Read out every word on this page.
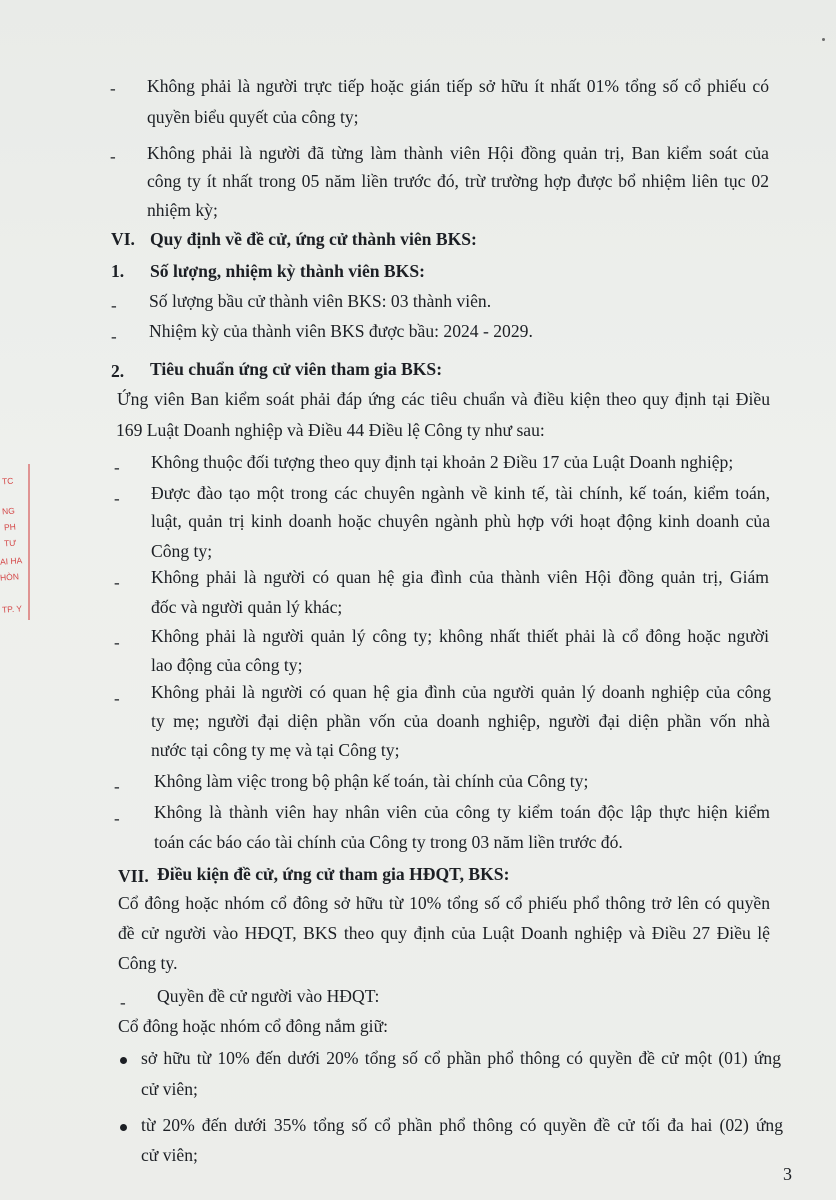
- Không phải là người trực tiếp hoặc gián tiếp sở hữu ít nhất 01% tổng số cổ phiếu có
quyền biểu quyết của công ty;
- Không phải là người đã từng làm thành viên Hội đồng quản trị, Ban kiểm soát của
công ty ít nhất trong 05 năm liền trước đó, trừ trường hợp được bổ nhiệm liên tục 02
nhiệm kỳ;
VI. Quy định về đề cử, ứng cử thành viên BKS:
1. Số lượng, nhiệm kỳ thành viên BKS:
- Số lượng bầu cử thành viên BKS: 03 thành viên.
- Nhiệm kỳ của thành viên BKS được bầu: 2024 - 2029.
2. Tiêu chuẩn ứng cử viên tham gia BKS:
Ứng viên Ban kiểm soát phải đáp ứng các tiêu chuẩn và điều kiện theo quy định tại Điều
169 Luật Doanh nghiệp và Điều 44 Điều lệ Công ty như sau:
- Không thuộc đối tượng theo quy định tại khoản 2 Điều 17 của Luật Doanh nghiệp;
- Được đào tạo một trong các chuyên ngành về kinh tế, tài chính, kế toán, kiểm toán,
luật, quản trị kinh doanh hoặc chuyên ngành phù hợp với hoạt động kinh doanh của
Công ty;
- Không phải là người có quan hệ gia đình của thành viên Hội đồng quản trị, Giám
đốc và người quản lý khác;
- Không phải là người quản lý công ty; không nhất thiết phải là cổ đông hoặc người
lao động của công ty;
- Không phải là người có quan hệ gia đình của người quản lý doanh nghiệp của công
ty mẹ; người đại diện phần vốn của doanh nghiệp, người đại diện phần vốn nhà
nước tại công ty mẹ và tại Công ty;
- Không làm việc trong bộ phận kế toán, tài chính của Công ty;
- Không là thành viên hay nhân viên của công ty kiểm toán độc lập thực hiện kiểm
toán các báo cáo tài chính của Công ty trong 03 năm liền trước đó.
VII. Điều kiện đề cử, ứng cử tham gia HĐQT, BKS:
Cổ đông hoặc nhóm cổ đông sở hữu từ 10% tổng số cổ phiếu phổ thông trở lên có quyền
đề cử người vào HĐQT, BKS theo quy định của Luật Doanh nghiệp và Điều 27 Điều lệ
Công ty.
- Quyền đề cử người vào HĐQT:
Cổ đông hoặc nhóm cổ đông nắm giữ:
sở hữu từ 10% đến dưới 20% tổng số cổ phần phổ thông có quyền đề cử một (01) ứng
cử viên;
từ 20% đến dưới 35% tổng số cổ phần phổ thông có quyền đề cử tối đa hai (02) ứng
cử viên;
TC
NG
PH
TƯ
AI HA
HÒN
TP. Y
3
